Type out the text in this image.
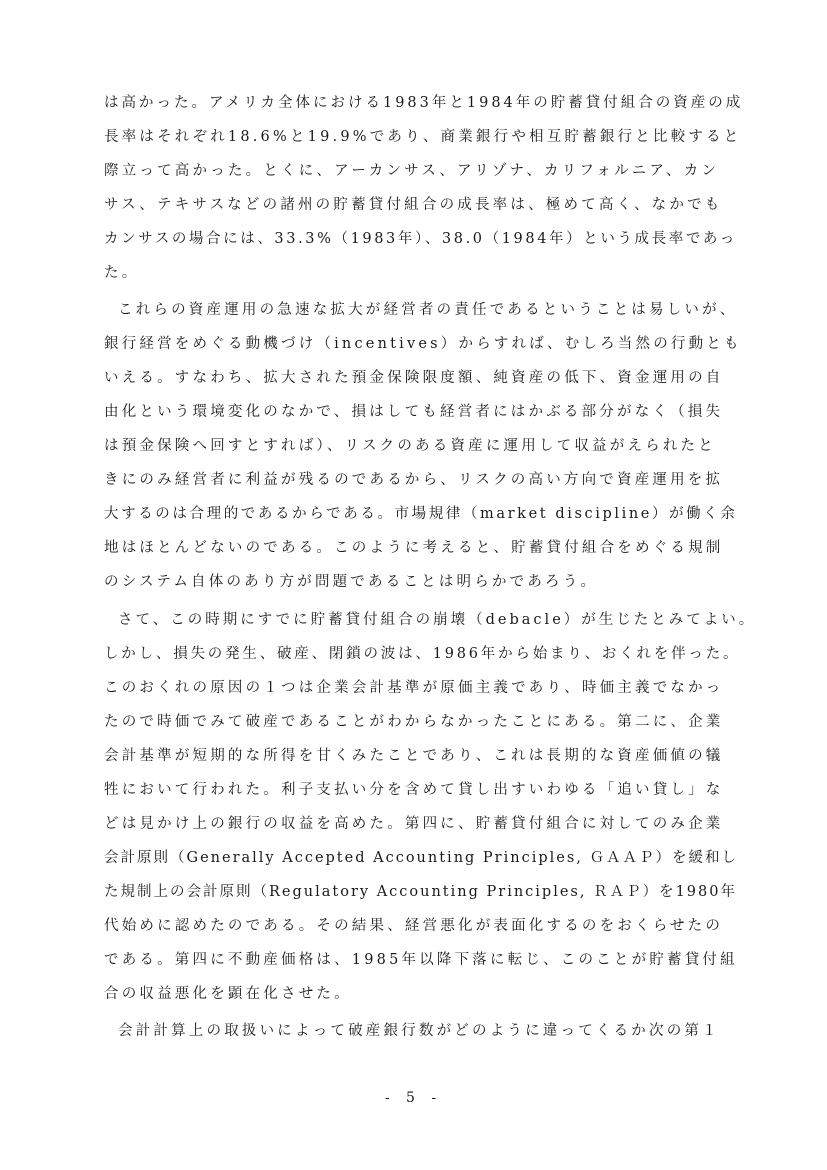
は高かった。アメリカ全体における1983年と1984年の貯蓄貸付組合の資産の成
長率はそれぞれ18.6%と19.9%であり、商業銀行や相互貯蓄銀行と比較すると
際立って高かった。とくに、アーカンサス、アリゾナ、カリフォルニア、カン
サス、テキサスなどの諸州の貯蓄貸付組合の成長率は、極めて高く、なかでも
カンサスの場合には、33.3%（1983年）、38.0（1984年）という成長率であっ
た。
これらの資産運用の急速な拡大が経営者の責任であるということは易しいが、
銀行経営をめぐる動機づけ（incentives）からすれば、むしろ当然の行動とも
いえる。すなわち、拡大された預金保険限度額、純資産の低下、資金運用の自
由化という環境変化のなかで、損はしても経営者にはかぶる部分がなく（損失
は預金保険へ回すとすれば）、リスクのある資産に運用して収益がえられたと
きにのみ経営者に利益が残るのであるから、リスクの高い方向で資産運用を拡
大するのは合理的であるからである。市場規律（market discipline）が働く余
地はほとんどないのである。このように考えると、貯蓄貸付組合をめぐる規制
のシステム自体のあり方が問題であることは明らかであろう。
さて、この時期にすでに貯蓄貸付組合の崩壊（debacle）が生じたとみてよい。
しかし、損失の発生、破産、閉鎖の波は、1986年から始まり、おくれを伴った。
このおくれの原因の１つは企業会計基準が原価主義であり、時価主義でなかっ
たので時価でみて破産であることがわからなかったことにある。第二に、企業
会計基準が短期的な所得を甘くみたことであり、これは長期的な資産価値の犠
牲において行われた。利子支払い分を含めて貸し出すいわゆる「追い貸し」な
どは見かけ上の銀行の収益を高めた。第四に、貯蓄貸付組合に対してのみ企業
会計原則（Generally Accepted Accounting Principles, ＧＡＡＰ）を緩和し
た規制上の会計原則（Regulatory Accounting Principles, ＲＡＰ）を1980年
代始めに認めたのである。その結果、経営悪化が表面化するのをおくらせたの
である。第四に不動産価格は、1985年以降下落に転じ、このことが貯蓄貸付組
合の収益悪化を顕在化させた。
会計計算上の取扱いによって破産銀行数がどのように違ってくるか次の第１
- 5 -
